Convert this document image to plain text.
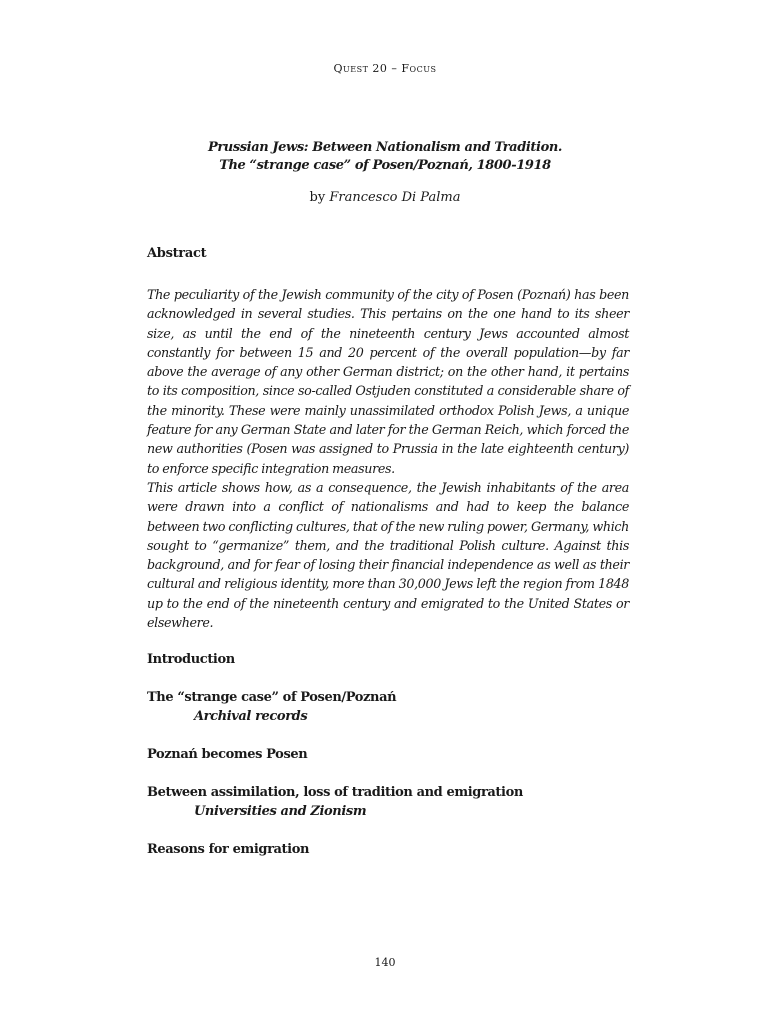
Quest 20 – Focus
Prussian Jews: Between Nationalism and Tradition.
The “strange case” of Posen/Poznań, 1800-1918
by Francesco Di Palma
Abstract

The peculiarity of the Jewish community of the city of Posen (Poznań) has been acknowledged in several studies. This pertains on the one hand to its sheer size, as until the end of the nineteenth century Jews accounted almost constantly for between 15 and 20 percent of the overall population—by far above the average of any other German district; on the other hand, it pertains to its composition, since so-called Ostjuden constituted a considerable share of the minority. These were mainly unassimilated orthodox Polish Jews, a unique feature for any German State and later for the German Reich, which forced the new authorities (Posen was assigned to Prussia in the late eighteenth century) to enforce specific integration measures.

This article shows how, as a consequence, the Jewish inhabitants of the area were drawn into a conflict of nationalisms and had to keep the balance between two conflicting cultures, that of the new ruling power, Germany, which sought to “germanize” them, and the traditional Polish culture. Against this background, and for fear of losing their financial independence as well as their cultural and religious identity, more than 30,000 Jews left the region from 1848 up to the end of the nineteenth century and emigrated to the United States or elsewhere.

Introduction
The “strange case” of Posen/Poznań
Archival records
Poznań becomes Posen
Between assimilation, loss of tradition and emigration
Universities and Zionism
Reasons for emigration
140
